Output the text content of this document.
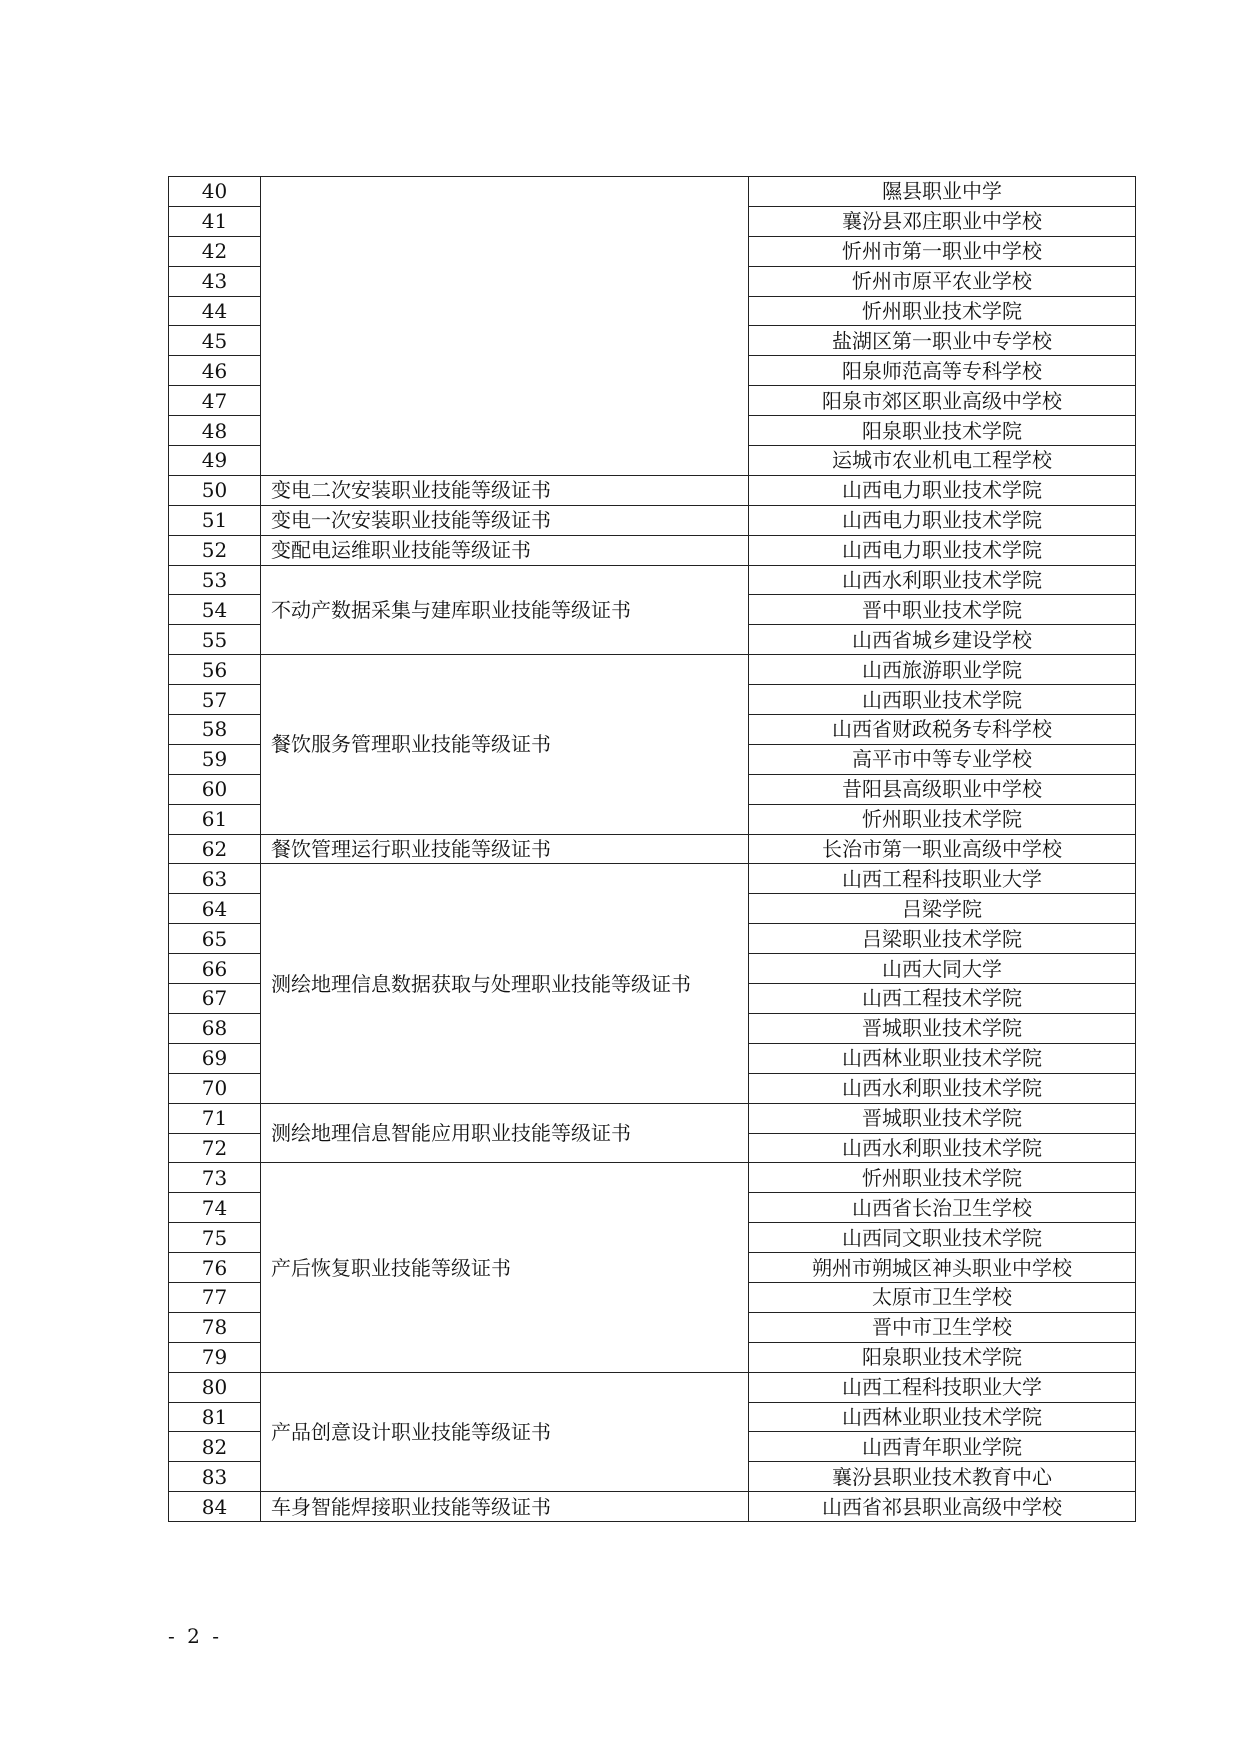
40		隰县职业中学
41		襄汾县邓庄职业中学校
42		忻州市第一职业中学校
43		忻州市原平农业学校
44		忻州职业技术学院
45		盐湖区第一职业中专学校
46		阳泉师范高等专科学校
47		阳泉市郊区职业高级中学校
48		阳泉职业技术学院
49		运城市农业机电工程学校
50	变电二次安装职业技能等级证书	山西电力职业技术学院
51	变电一次安装职业技能等级证书	山西电力职业技术学院
52	变配电运维职业技能等级证书	山西电力职业技术学院
53	不动产数据采集与建库职业技能等级证书	山西水利职业技术学院
54		晋中职业技术学院
55		山西省城乡建设学校
56	餐饮服务管理职业技能等级证书	山西旅游职业学院
57		山西职业技术学院
58		山西省财政税务专科学校
59		高平市中等专业学校
60		昔阳县高级职业中学校
61		忻州职业技术学院
62	餐饮管理运行职业技能等级证书	长治市第一职业高级中学校
63	测绘地理信息数据获取与处理职业技能等级证书	山西工程科技职业大学
64		吕梁学院
65		吕梁职业技术学院
66		山西大同大学
67		山西工程技术学院
68		晋城职业技术学院
69		山西林业职业技术学院
70		山西水利职业技术学院
71	测绘地理信息智能应用职业技能等级证书	晋城职业技术学院
72		山西水利职业技术学院
73	产后恢复职业技能等级证书	忻州职业技术学院
74		山西省长治卫生学校
75		山西同文职业技术学院
76		朔州市朔城区神头职业中学校
77		太原市卫生学校
78		晋中市卫生学校
79		阳泉职业技术学院
80	产品创意设计职业技能等级证书	山西工程科技职业大学
81		山西林业职业技术学院
82		山西青年职业学院
83		襄汾县职业技术教育中心
84	车身智能焊接职业技能等级证书	山西省祁县职业高级中学校
- 2 -
